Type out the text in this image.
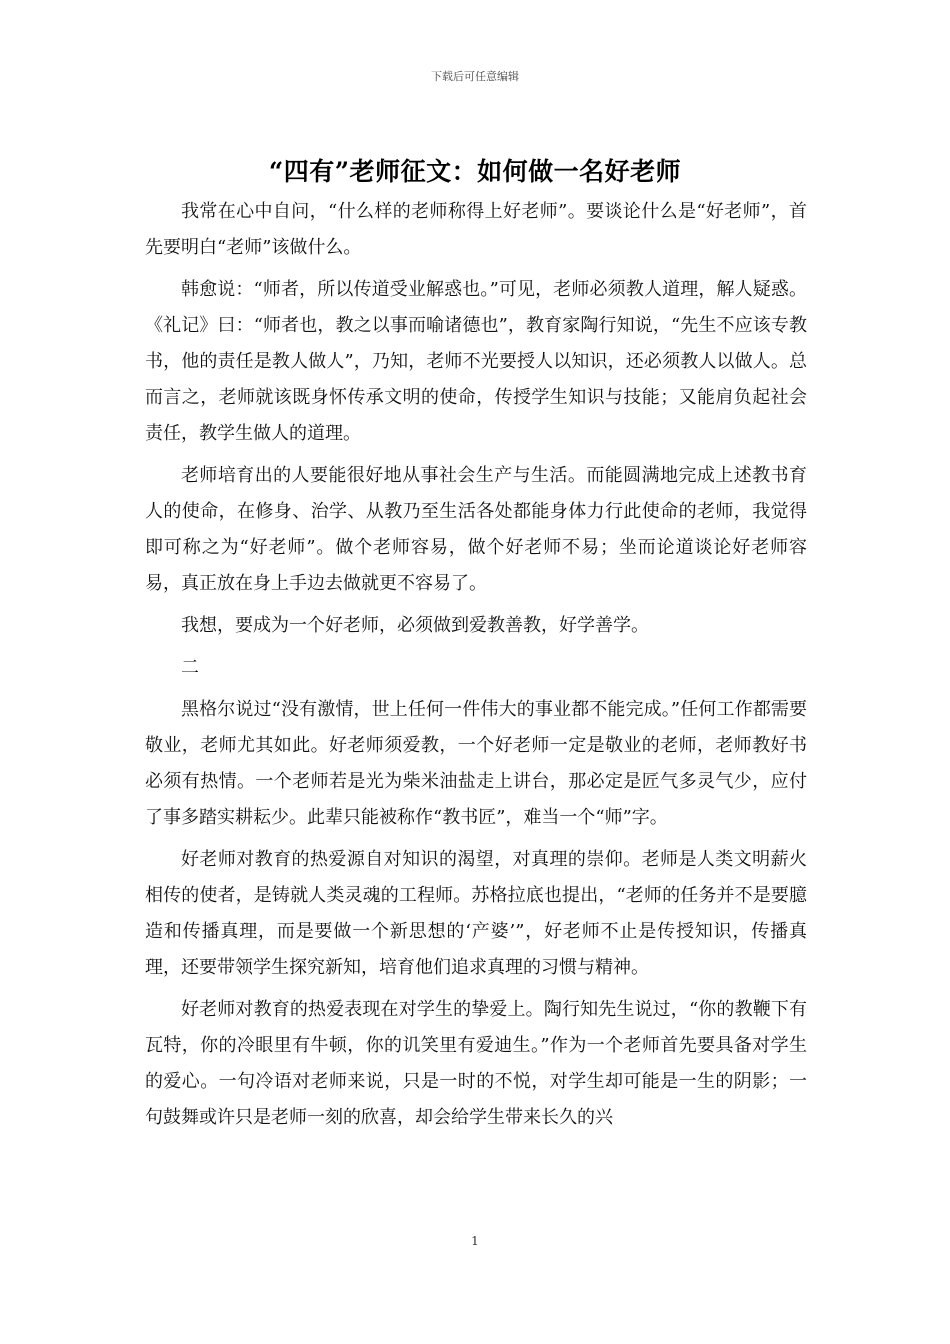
下载后可任意编辑
“四有”老师征文：如何做一名好老师

我常在心中自问，“什么样的老师称得上好老师”。要谈论什么是“好老师”，首先要明白“老师”该做什么。

韩愈说：“师者，所以传道受业解惑也。”可见，老师必须教人道理，解人疑惑。《礼记》曰：“师者也，教之以事而喻诸德也”，教育家陶行知说，“先生不应该专教书，他的责任是教人做人”，乃知，老师不光要授人以知识，还必须教人以做人。总而言之，老师就该既身怀传承文明的使命，传授学生知识与技能；又能肩负起社会责任，教学生做人的道理。

老师培育出的人要能很好地从事社会生产与生活。而能圆满地完成上述教书育人的使命，在修身、治学、从教乃至生活各处都能身体力行此使命的老师，我觉得即可称之为“好老师”。做个老师容易，做个好老师不易；坐而论道谈论好老师容易，真正放在身上手边去做就更不容易了。

我想，要成为一个好老师，必须做到爱教善教，好学善学。

二

黑格尔说过“没有激情，世上任何一件伟大的事业都不能完成。”任何工作都需要敬业，老师尤其如此。好老师须爱教，一个好老师一定是敬业的老师，老师教好书必须有热情。一个老师若是光为柴米油盐走上讲台，那必定是匠气多灵气少，应付了事多踏实耕耘少。此辈只能被称作“教书匠”，难当一个“师”字。

好老师对教育的热爱源自对知识的渴望，对真理的崇仰。老师是人类文明薪火相传的使者，是铸就人类灵魂的工程师。苏格拉底也提出，“老师的任务并不是要臆造和传播真理，而是要做一个新思想的‘产婆’”，好老师不止是传授知识，传播真理，还要带领学生探究新知，培育他们追求真理的习惯与精神。

好老师对教育的热爱表现在对学生的挚爱上。陶行知先生说过，“你的教鞭下有瓦特，你的冷眼里有牛顿，你的讥笑里有爱迪生。”作为一个老师首先要具备对学生的爱心。一句冷语对老师来说，只是一时的不悦，对学生却可能是一生的阴影；一句鼓舞或许只是老师一刻的欣喜，却会给学生带来长久的兴

1
